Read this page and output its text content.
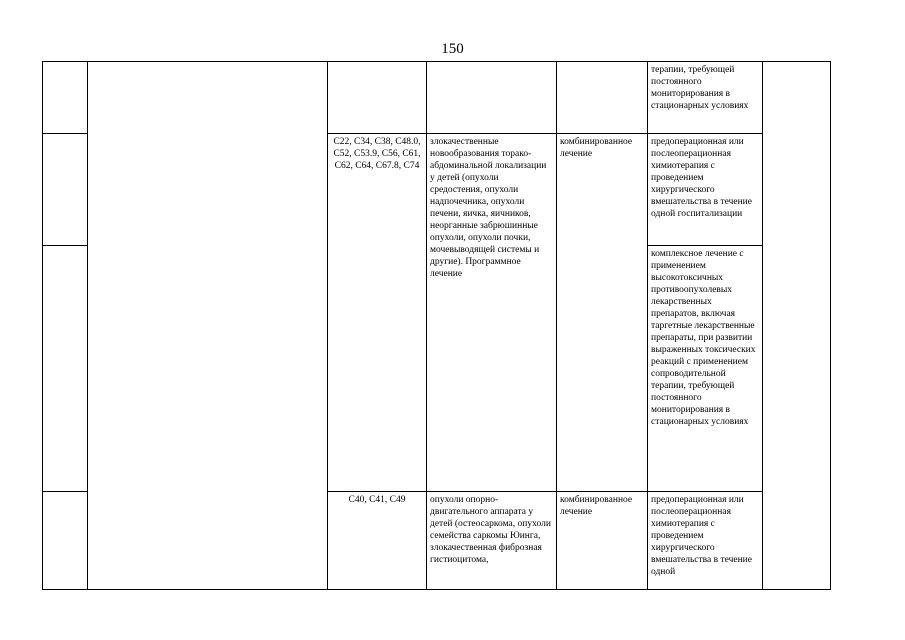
150
					терапии, требующей постоянного мониторирования в стационарных условиях	
		C22, C34, C38, C48.0, C52, C53.9, C56, C61, C62, C64, C67.8, C74	злокачественные новообразования торако-абдоминальной локализации у детей (опухоли средостения, опухоли надпочечника, опухоли печени, яичка, яичников, неорганные забрюшинные опухоли, опухоли почки, мочевыводящей системы и другие). Программное лечение	комбинированное лечение	предоперационная или послеоперационная химиотерапия с проведением хирургического вмешательства в течение одной госпитализации	
					комплексное лечение с применением высокотоксичных противоопухолевых лекарственных препаратов, включая таргетные лекарственные препараты, при развитии выраженных токсических реакций с применением сопроводительной терапии, требующей постоянного мониторирования в стационарных условиях	
		C40, C41, C49	опухоли опорно-двигательного аппарата у детей (остеосаркома, опухоли семейства саркомы Юинга, злокачественная фиброзная гистиоцитома,	комбинированное лечение	предоперационная или послеоперационная химиотерапия с проведением хирургического вмешательства в течение одной	
